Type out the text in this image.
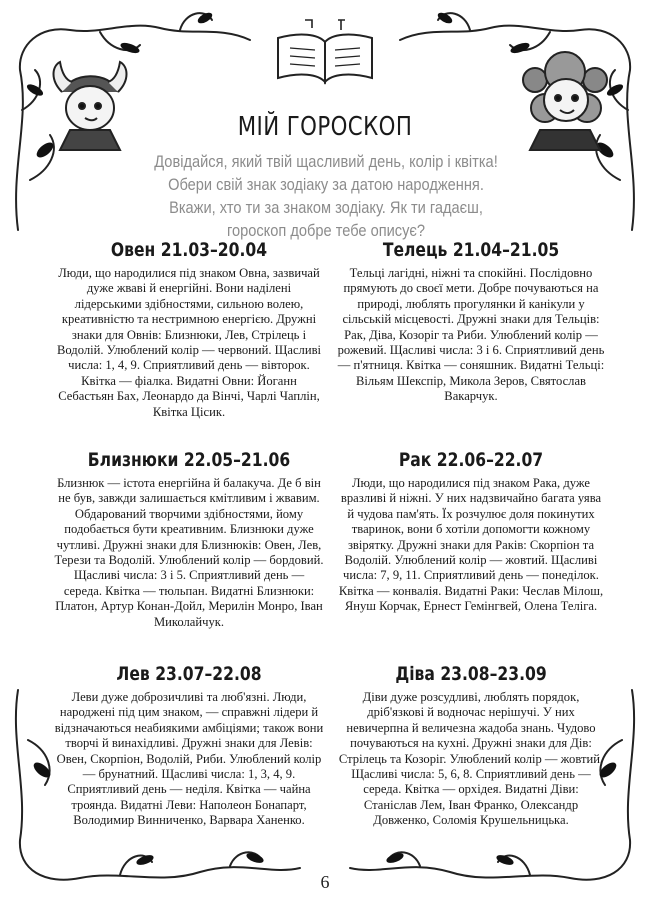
МІЙ ГОРОСКОП
Довідайся, який твій щасливий день, колір і квітка! Обери свій знак зодіаку за датою народження. Вкажи, хто ти за знаком зодіаку. Як ти гадаєш, гороскоп добре тебе описує?
Овен 21.03–20.04

Люди, що народилися під знаком Овна, зазвичай дуже жваві й енергійні. Вони наділені лідерськими здібностями, сильною волею, креативністю та нестримною енергією. Дружні знаки для Овнів: Близнюки, Лев, Стрілець і Водолій. Улюблений колір — червоний. Щасливі числа: 1, 4, 9. Сприятливий день — вівторок. Квітка — фіалка. Видатні Овни: Йоганн Себастьян Бах, Леонардо да Вінчі, Чарлі Чаплін, Квітка Цісик.

Телець 21.04–21.05

Тельці лагідні, ніжні та спокійні. Послідовно прямують до своєї мети. Добре почуваються на природі, люблять прогулянки й канікули у сільській місцевості. Дружні знаки для Тельців: Рак, Діва, Козоріг та Риби. Улюблений колір — рожевий. Щасливі числа: 3 і 6. Сприятливий день — п'ятниця. Квітка — соняшник. Видатні Тельці: Вільям Шекспір, Микола Зеров, Святослав Вакарчук.

Близнюки 22.05–21.06

Близнюк — істота енергійна й балакуча. Де б він не був, завжди залишається кмітливим і жвавим. Обдарований творчими здібностями, йому подобається бути креативним. Близнюки дуже чутливі. Дружні знаки для Близнюків: Овен, Лев, Терези та Водолій. Улюблений колір — бордовий. Щасливі числа: 3 і 5. Сприятливий день — середа. Квітка — тюльпан. Видатні Близнюки: Платон, Артур Конан-Дойл, Мерилін Монро, Іван Миколайчук.

Рак 22.06–22.07

Люди, що народилися під знаком Рака, дуже вразливі й ніжні. У них надзвичайно багата уява й чудова пам'ять. Їх розчулює доля покинутих тваринок, вони б хотіли допомогти кожному звірятку. Дружні знаки для Раків: Скорпіон та Водолій. Улюблений колір — жовтий. Щасливі числа: 7, 9, 11. Сприятливий день — понеділок. Квітка — конвалія. Видатні Раки: Чеслав Мілош, Януш Корчак, Ернест Гемінгвей, Олена Теліга.

Лев 23.07–22.08

Леви дуже доброзичливі та люб'язні. Люди, народжені під цим знаком, — справжні лідери й відзначаються неабиякими амбіціями; також вони творчі й винахідливі. Дружні знаки для Левів: Овен, Скорпіон, Водолій, Риби. Улюблений колір — брунатний. Щасливі числа: 1, 3, 4, 9. Сприятливий день — неділя. Квітка — чайна троянда. Видатні Леви: Наполеон Бонапарт, Володимир Винниченко, Варвара Ханенко.

Діва 23.08–23.09

Діви дуже розсудливі, люблять порядок, дріб'язкові й водночас нерішучі. У них невичерпна й величезна жадоба знань. Чудово почуваються на кухні. Дружні знаки для Дів: Стрілець та Козоріг. Улюблений колір — жовтий. Щасливі числа: 5, 6, 8. Сприятливий день — середа. Квітка — орхідея. Видатні Діви: Станіслав Лем, Іван Франко, Олександр Довженко, Соломія Крушельницька.

6
